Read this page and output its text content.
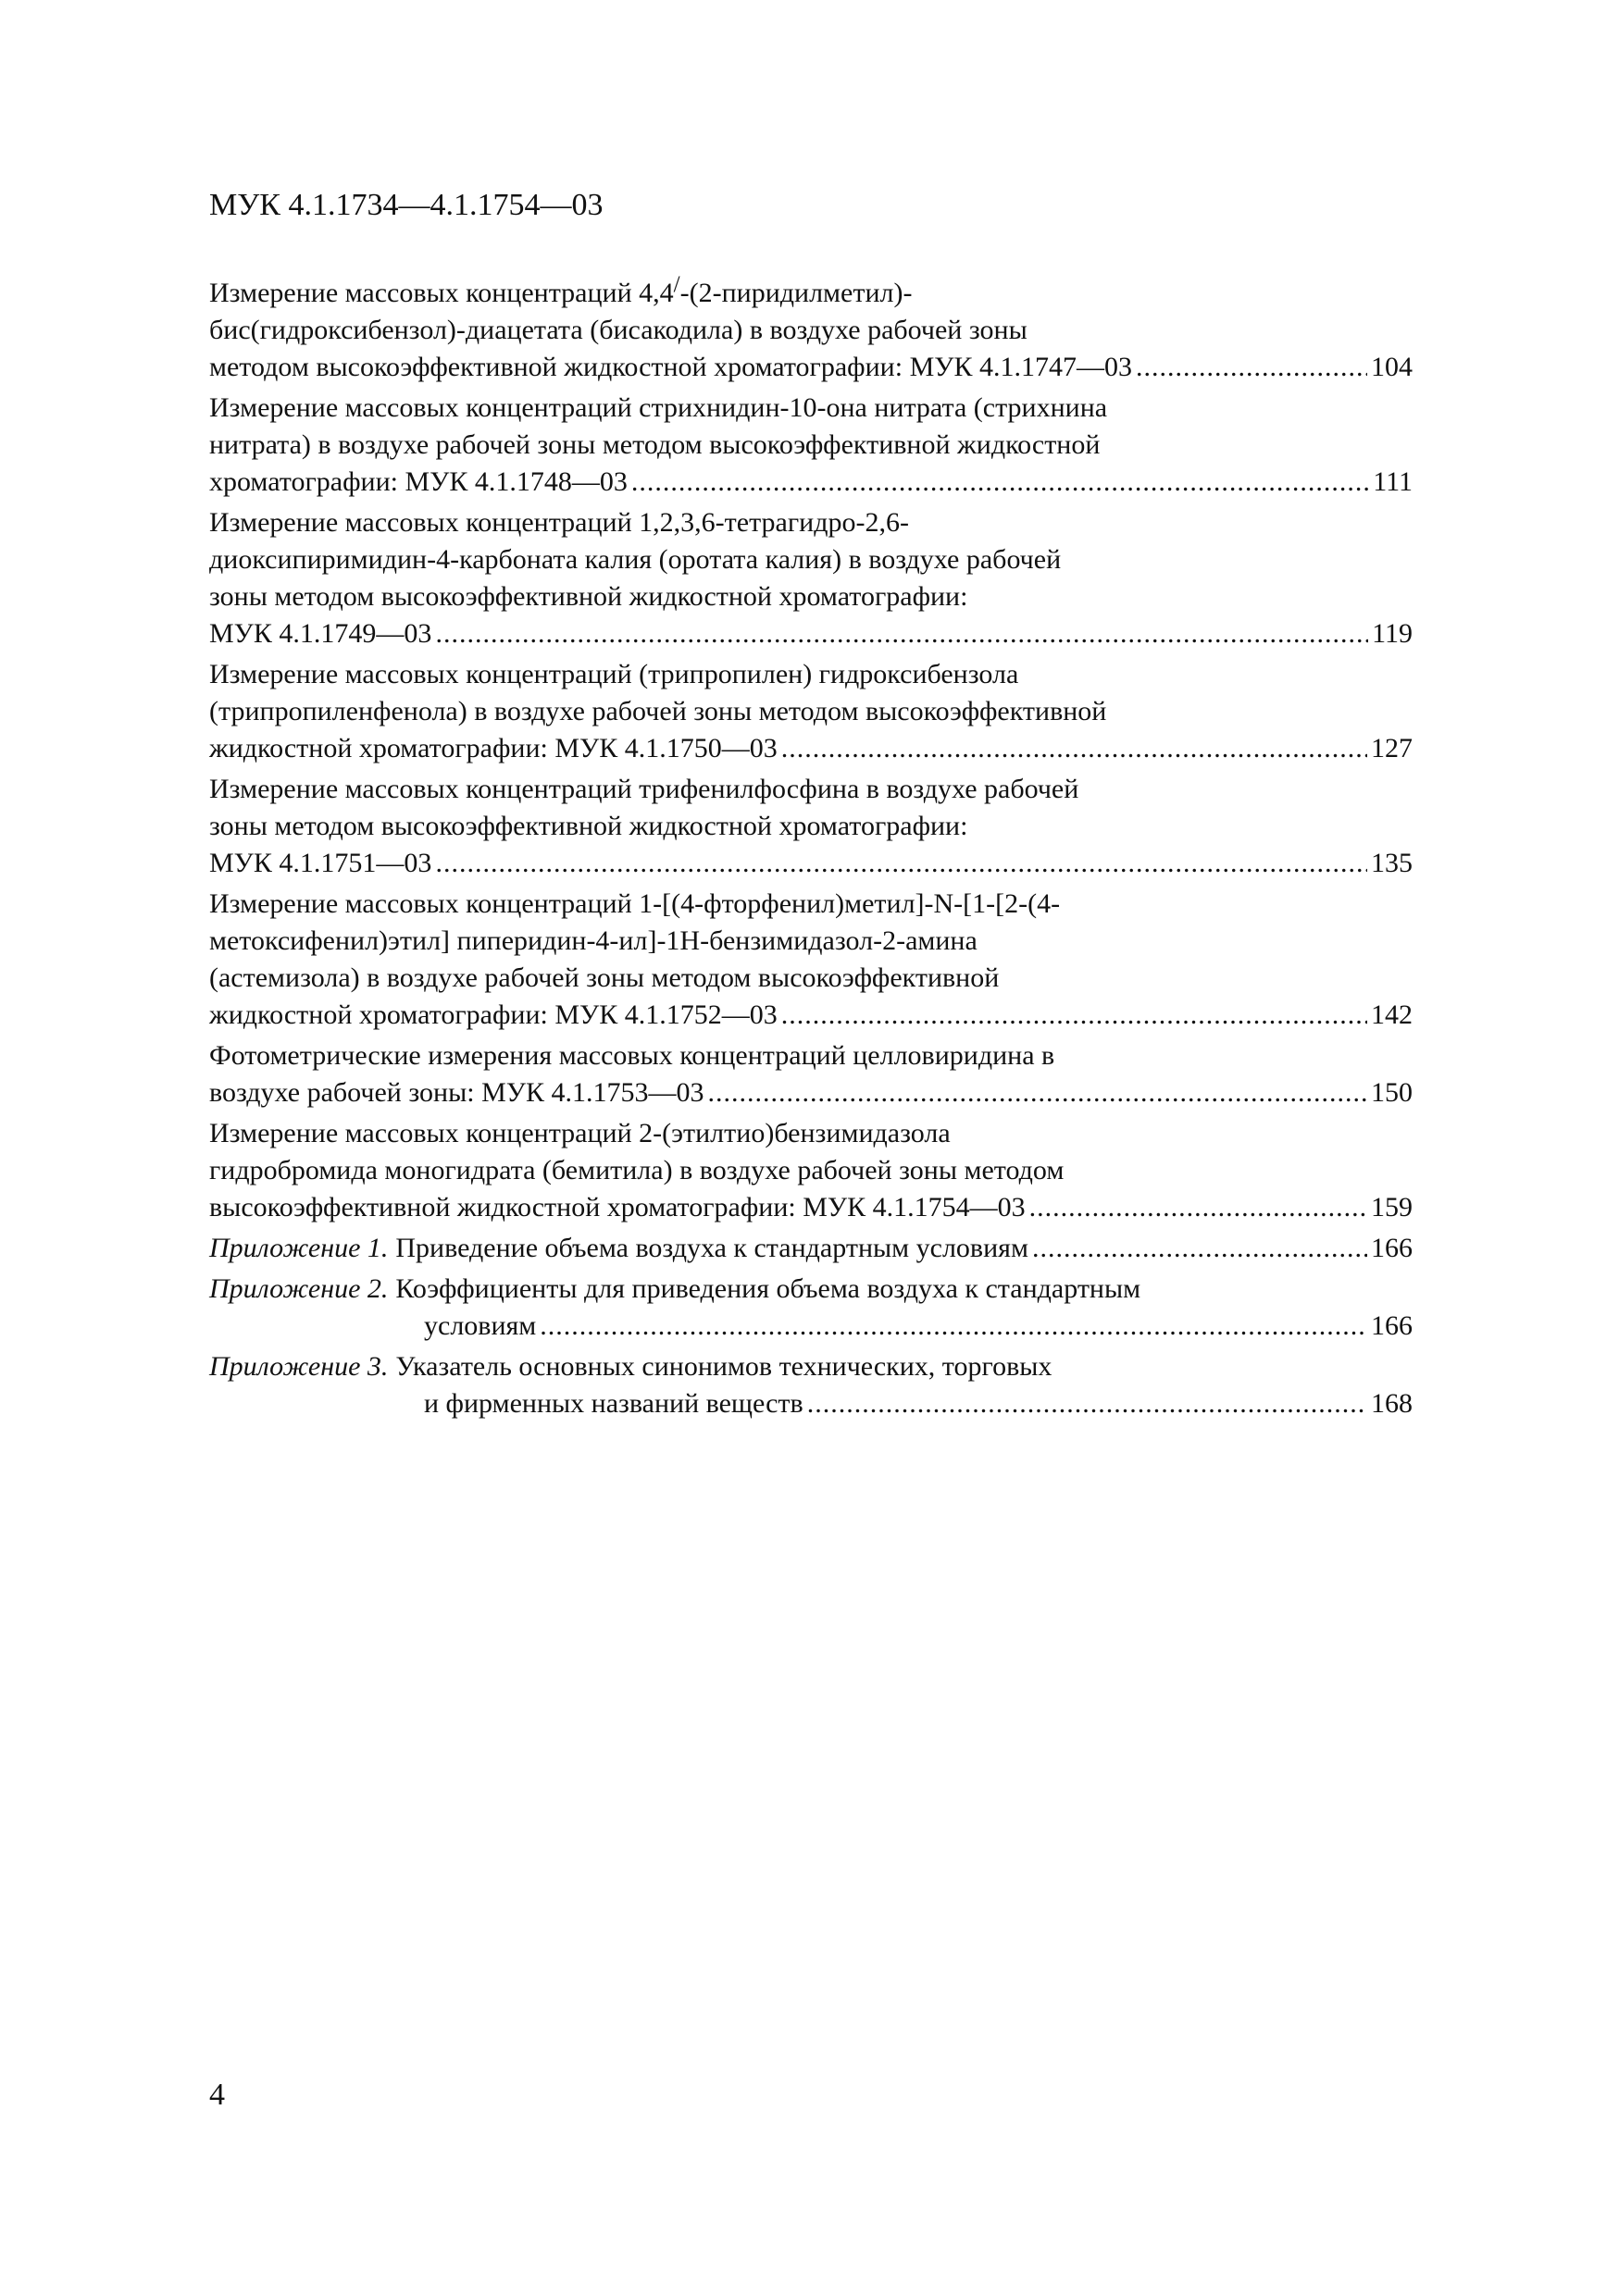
МУК 4.1.1734—4.1.1754—03
Измерение массовых концентраций 4,4/-(2-пиридилметил)-
бис(гидроксибензол)-диацетата (бисакодила) в воздухе рабочей зоны
методом высокоэффективной жидкостной хроматографии: МУК 4.1.1747—03 .....	104
Измерение массовых концентраций стрихнидин-10-она нитрата (стрихнина
нитрата) в воздухе рабочей зоны методом высокоэффективной жидкостной
хроматографии: МУК 4.1.1748—03 .....	111
Измерение массовых концентраций 1,2,3,6-тетрагидро-2,6-
диоксипиримидин-4-карбоната калия (оротата калия) в воздухе рабочей
зоны методом высокоэффективной жидкостной хроматографии:
МУК 4.1.1749—03 .....	119
Измерение массовых концентраций (трипропилен) гидроксибензола
(трипропиленфенола) в воздухе рабочей зоны методом высокоэффективной
жидкостной хроматографии: МУК 4.1.1750—03 .....	127
Измерение массовых концентраций трифенилфосфина в воздухе рабочей
зоны методом высокоэффективной жидкостной хроматографии:
МУК 4.1.1751—03 .....	135
Измерение массовых концентраций 1-[(4-фторфенил)метил]-N-[1-[2-(4-
метоксифенил)этил] пиперидин-4-ил]-1Н-бензимидазол-2-амина
(астемизола) в воздухе рабочей зоны методом высокоэффективной
жидкостной хроматографии: МУК 4.1.1752—03 .....	142
Фотометрические измерения массовых концентраций целловиридина в
воздухе рабочей зоны: МУК 4.1.1753—03 .....	150
Измерение массовых концентраций 2-(этилтио)бензимидазола
гидробромида моногидрата (бемитила) в воздухе рабочей зоны методом
высокоэффективной жидкостной хроматографии: МУК 4.1.1754—03 .....	159
Приложение 1. Приведение объема воздуха к стандартным условиям .....	166
Приложение 2. Коэффициенты для приведения объема воздуха к стандартным
условиям .....	166
Приложение 3. Указатель основных синонимов технических, торговых
и фирменных названий веществ .....	168
4
